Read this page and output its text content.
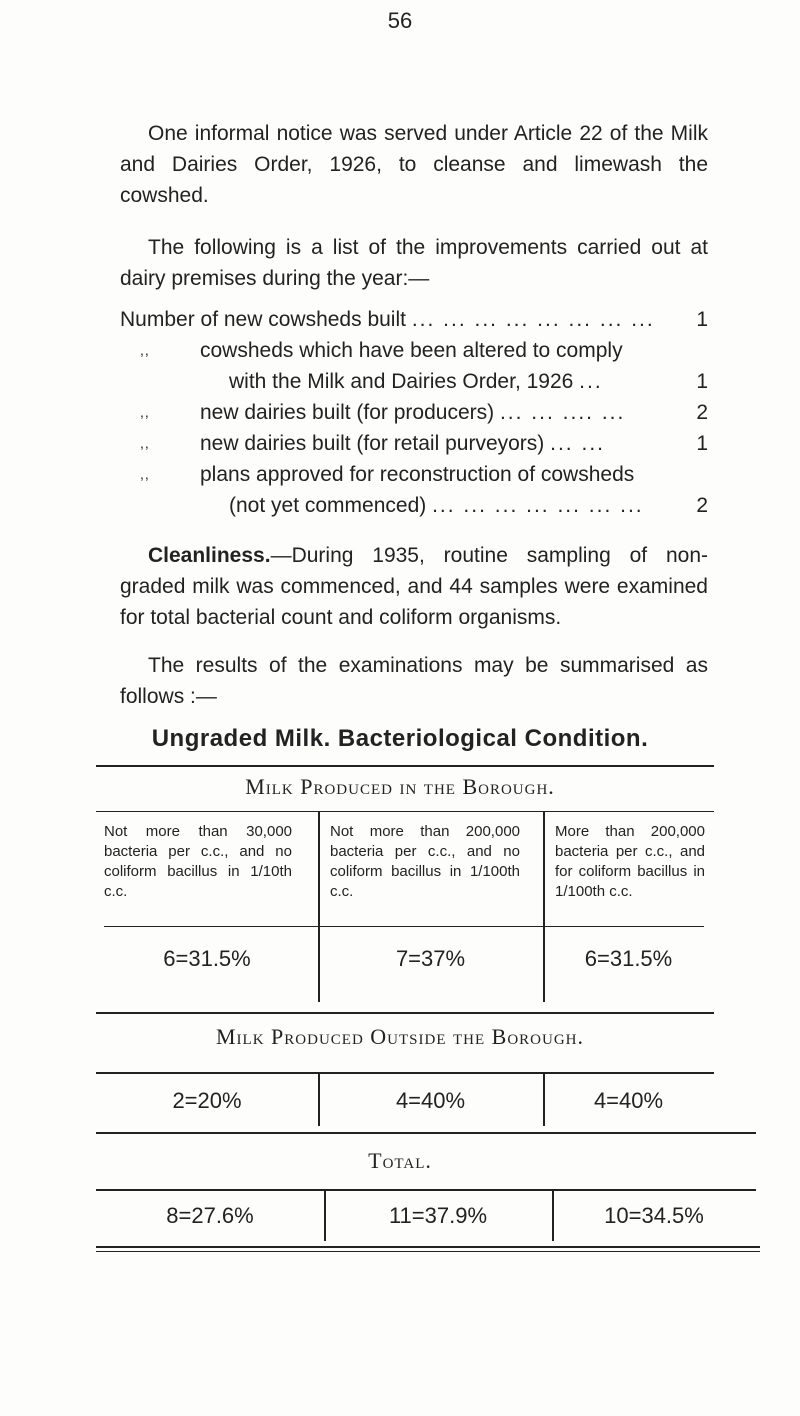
56

One informal notice was served under Article 22 of the Milk and Dairies Order, 1926, to cleanse and limewash the cowshed.

The following is a list of the improvements carried out at dairy premises during the year:—

Number of new cowsheds built ... ... ... ... ... ... ... ... 1
,, cowsheds which have been altered to comply
with the Milk and Dairies Order, 1926 ...	1
,, new dairies built (for producers) ... ... .... ...	2
,, new dairies built (for retail purveyors) ... ...	1
,, plans approved for reconstruction of cowsheds
(not yet commenced) ... ... ... ... ... ... ...	2

Cleanliness.—During 1935, routine sampling of non-graded milk was commenced, and 44 samples were examined for total bacterial count and coliform organisms.

The results of the examinations may be summarised as follows :—

Ungraded Milk. Bacteriological Condition.
Milk Produced in the Borough.
Not more than 30,000 bacteria per c.c., and no coliform bacillus in 1/10th c.c.
Not more than 200,000 bacteria per c.c., and no coliform bacillus in 1/100th c.c.
More than 200,000 bacteria per c.c., and for coliform bacillus in 1/100th c.c.
6=31.5%	7=37%	6=31.5%
Milk Produced Outside the Borough.
2=20%	4=40%	4=40%
Total.
8=27.6%	11=37.9%	10=34.5%
